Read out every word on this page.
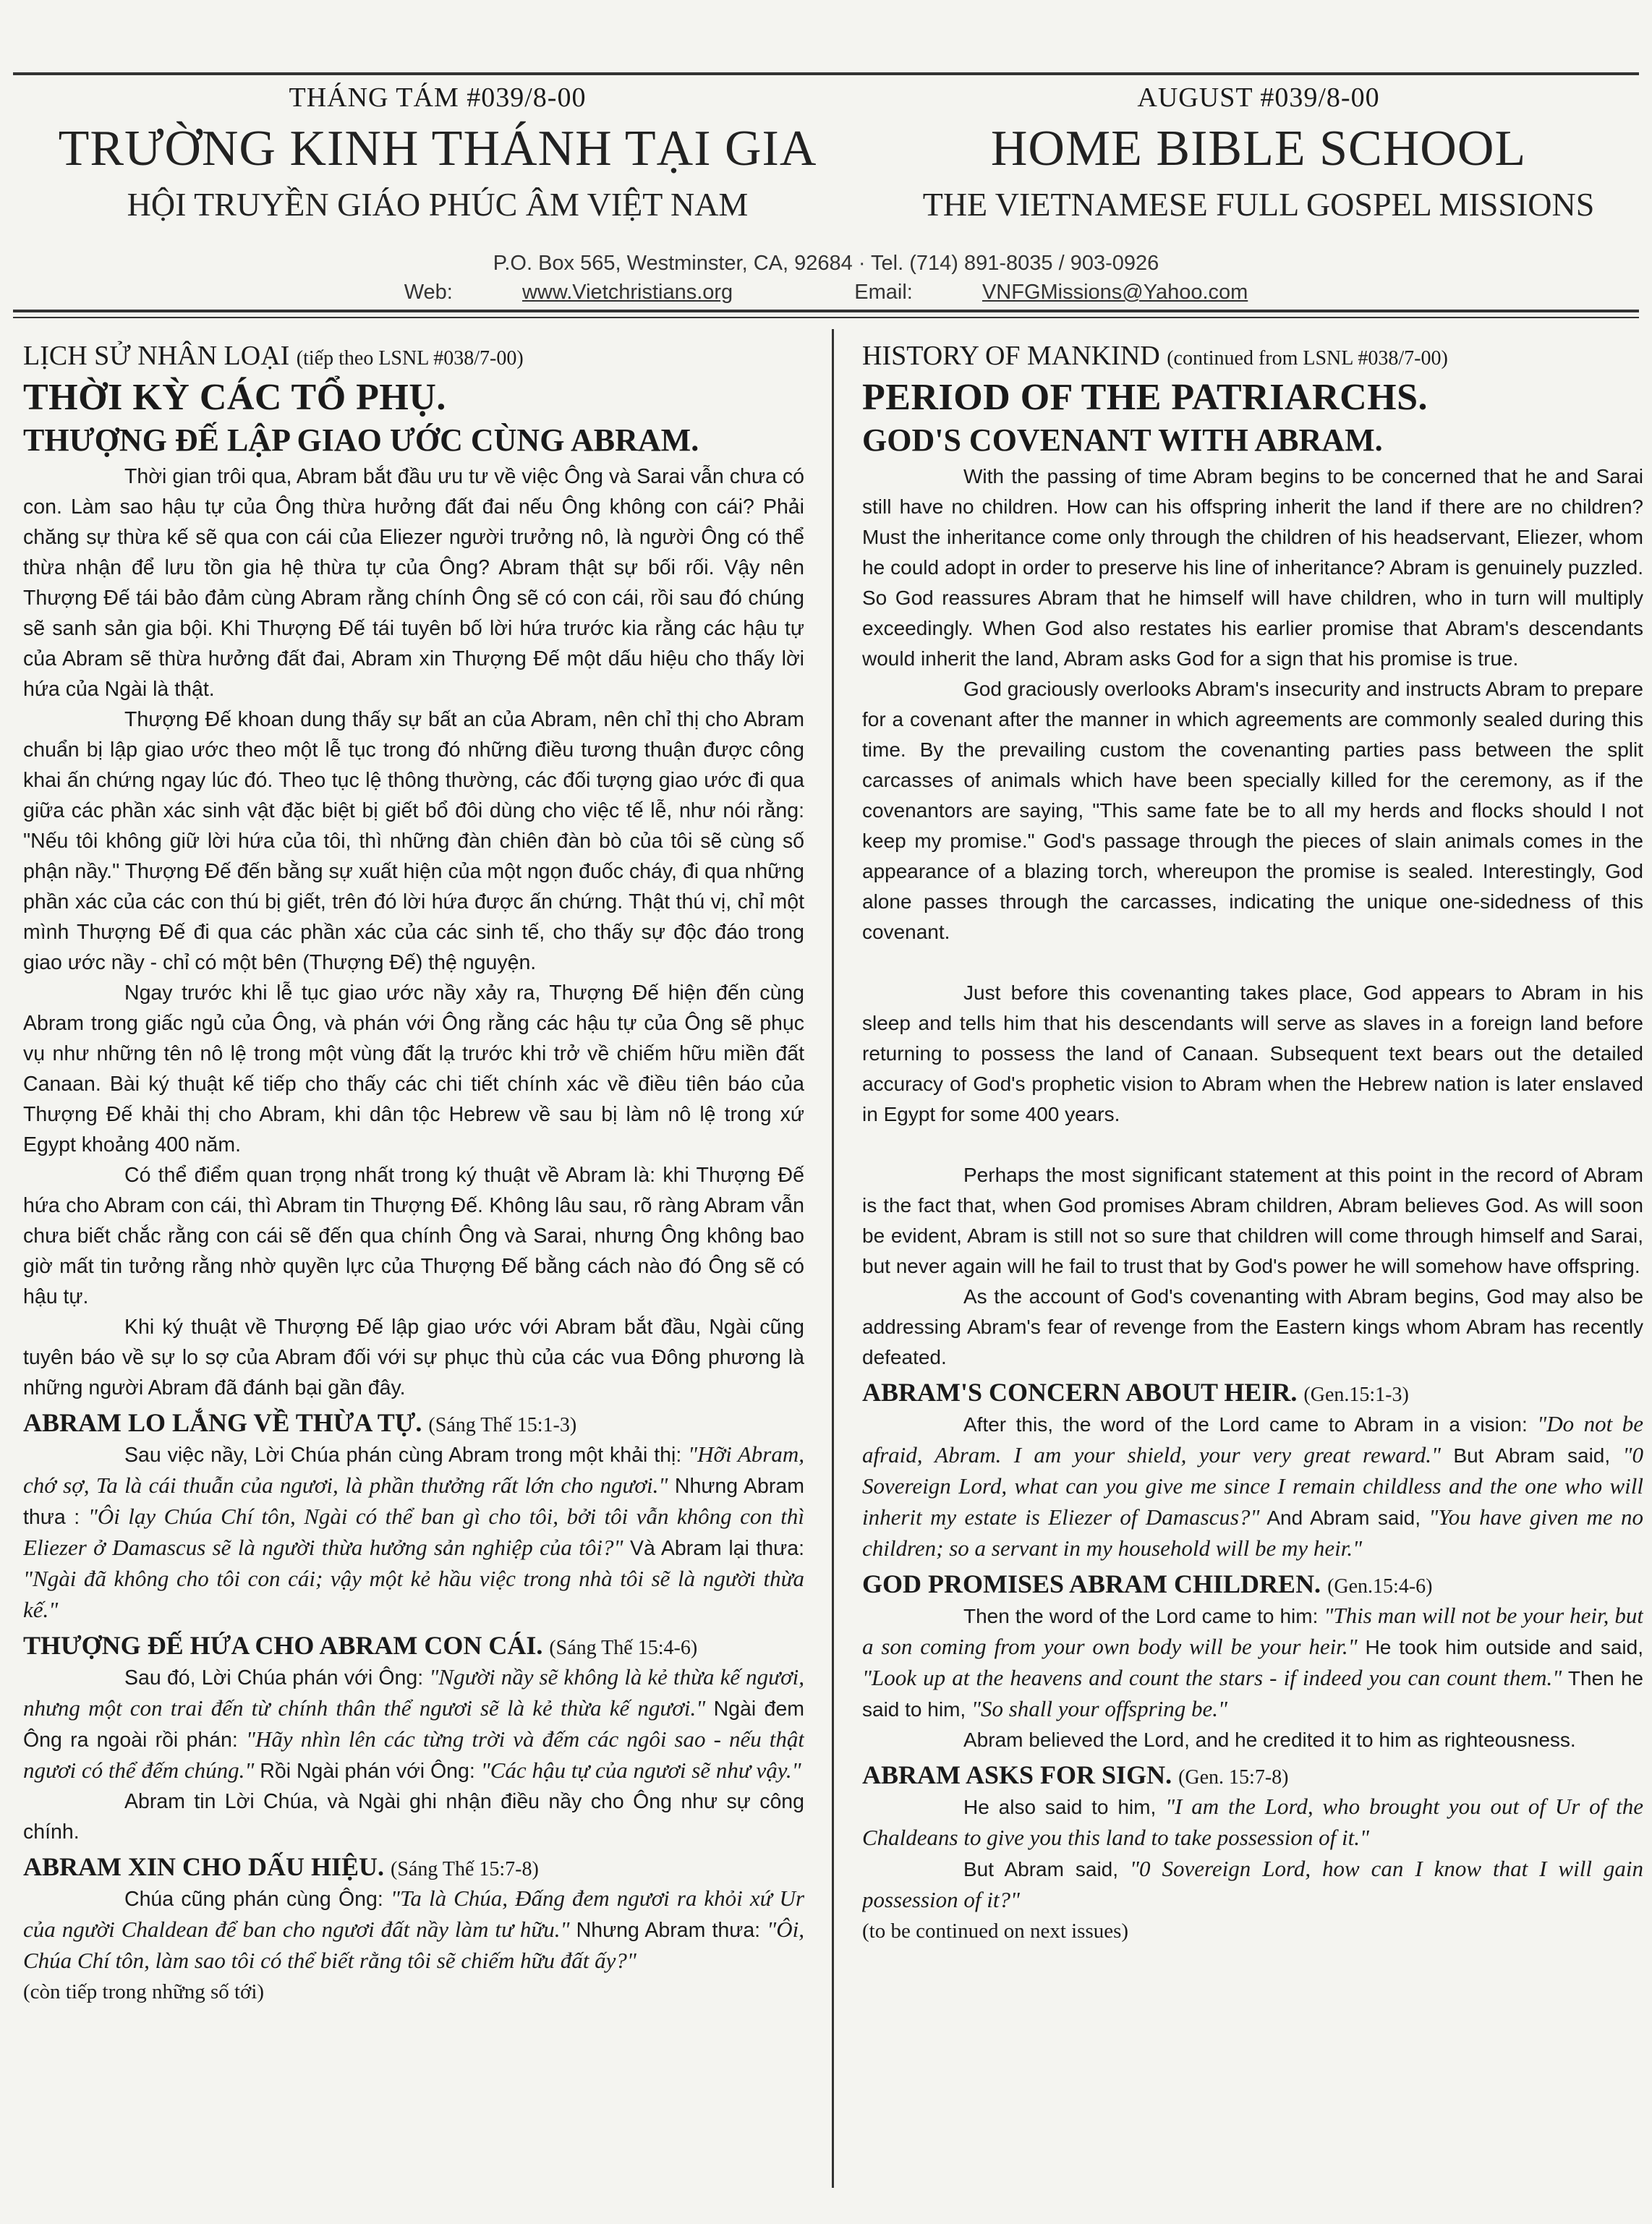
THÁNG TÁM #039/8-00
TRƯỜNG KINH THÁNH TẠI GIA
HỘI TRUYỀN GIÁO PHÚC ÂM VIỆT NAM
AUGUST #039/8-00
HOME BIBLE SCHOOL
THE VIETNAMESE FULL GOSPEL MISSIONS
P.O. Box 565, Westminster, CA, 92684 · Tel. (714) 891-8035 / 903-0926
Web:	www.Vietchristians.org	Email:	VNFGMissions@Yahoo.com
LỊCH SỬ NHÂN LOẠI (tiếp theo LSNL #038/7-00)
THỜI KỲ CÁC TỔ PHỤ.
THƯỢNG ĐẾ LẬP GIAO ƯỚC CÙNG ABRAM.

Thời gian trôi qua, Abram bắt đầu ưu tư về việc Ông và Sarai vẫn chưa có con. Làm sao hậu tự của Ông thừa hưởng đất đai nếu Ông không con cái? Phải chăng sự thừa kế sẽ qua con cái của Eliezer người trưởng nô, là người Ông có thể thừa nhận để lưu tồn gia hệ thừa tự của Ông? Abram thật sự bối rối. Vậy nên Thượng Đế tái bảo đảm cùng Abram rằng chính Ông sẽ có con cái, rồi sau đó chúng sẽ sanh sản gia bội. Khi Thượng Đế tái tuyên bố lời hứa trước kia rằng các hậu tự của Abram sẽ thừa hưởng đất đai, Abram xin Thượng Đế một dấu hiệu cho thấy lời hứa của Ngài là thật.

Thượng Đế khoan dung thấy sự bất an của Abram, nên chỉ thị cho Abram chuẩn bị lập giao ước theo một lễ tục trong đó những điều tương thuận được công khai ấn chứng ngay lúc đó. Theo tục lệ thông thường, các đối tượng giao ước đi qua giữa các phần xác sinh vật đặc biệt bị giết bổ đôi dùng cho việc tế lễ, như nói rằng: "Nếu tôi không giữ lời hứa của tôi, thì những đàn chiên đàn bò của tôi sẽ cùng số phận nầy." Thượng Đế đến bằng sự xuất hiện của một ngọn đuốc cháy, đi qua những phần xác của các con thú bị giết, trên đó lời hứa được ấn chứng. Thật thú vị, chỉ một mình Thượng Đế đi qua các phần xác của các sinh tế, cho thấy sự độc đáo trong giao ước nầy - chỉ có một bên (Thượng Đế) thệ nguyện.

Ngay trước khi lễ tục giao ước nầy xảy ra, Thượng Đế hiện đến cùng Abram trong giấc ngủ của Ông, và phán với Ông rằng các hậu tự của Ông sẽ phục vụ như những tên nô lệ trong một vùng đất lạ trước khi trở về chiếm hữu miền đất Canaan. Bài ký thuật kế tiếp cho thấy các chi tiết chính xác về điều tiên báo của Thượng Đế khải thị cho Abram, khi dân tộc Hebrew về sau bị làm nô lệ trong xứ Egypt khoảng 400 năm.

Có thể điểm quan trọng nhất trong ký thuật về Abram là: khi Thượng Đế hứa cho Abram con cái, thì Abram tin Thượng Đế. Không lâu sau, rõ ràng Abram vẫn chưa biết chắc rằng con cái sẽ đến qua chính Ông và Sarai, nhưng Ông không bao giờ mất tin tưởng rằng nhờ quyền lực của Thượng Đế bằng cách nào đó Ông sẽ có hậu tự.

Khi ký thuật về Thượng Đế lập giao ước với Abram bắt đầu, Ngài cũng tuyên báo về sự lo sợ của Abram đối với sự phục thù của các vua Đông phương là những người Abram đã đánh bại gần đây.

ABRAM LO LẮNG VỀ THỪA TỰ. (Sáng Thế 15:1-3)

Sau việc nầy, Lời Chúa phán cùng Abram trong một khải thị: "Hỡi Abram, chớ sợ, Ta là cái thuẫn của ngươi, là phần thưởng rất lớn cho ngươi." Nhưng Abram thưa : "Ôi lạy Chúa Chí tôn, Ngài có thể ban gì cho tôi, bởi tôi vẫn không con thì Eliezer ở Damascus sẽ là người thừa hưởng sản nghiệp của tôi?" Và Abram lại thưa: "Ngài đã không cho tôi con cái; vậy một kẻ hầu việc trong nhà tôi sẽ là người thừa kế."

THƯỢNG ĐẾ HỨA CHO ABRAM CON CÁI. (Sáng Thế 15:4-6)

Sau đó, Lời Chúa phán với Ông: "Người nầy sẽ không là kẻ thừa kế ngươi, nhưng một con trai đến từ chính thân thể ngươi sẽ là kẻ thừa kế ngươi." Ngài đem Ông ra ngoài rồi phán: "Hãy nhìn lên các từng trời và đếm các ngôi sao - nếu thật ngươi có thể đếm chúng." Rồi Ngài phán với Ông: "Các hậu tự của ngươi sẽ như vậy."

Abram tin Lời Chúa, và Ngài ghi nhận điều nầy cho Ông như sự công chính.

ABRAM XIN CHO DẤU HIỆU. (Sáng Thế 15:7-8)

Chúa cũng phán cùng Ông: "Ta là Chúa, Đấng đem ngươi ra khỏi xứ Ur của người Chaldean để ban cho ngươi đất nầy làm tư hữu." Nhưng Abram thưa: "Ôi, Chúa Chí tôn, làm sao tôi có thể biết rằng tôi sẽ chiếm hữu đất ấy?"

(còn tiếp trong những số tới)
HISTORY OF MANKIND (continued from LSNL #038/7-00)
PERIOD OF THE PATRIARCHS.
GOD'S COVENANT WITH ABRAM.

With the passing of time Abram begins to be concerned that he and Sarai still have no children. How can his offspring inherit the land if there are no children? Must the inheritance come only through the children of his headservant, Eliezer, whom he could adopt in order to preserve his line of inheritance? Abram is genuinely puzzled. So God reassures Abram that he himself will have children, who in turn will multiply exceedingly. When God also restates his earlier promise that Abram's descendants would inherit the land, Abram asks God for a sign that his promise is true.

God graciously overlooks Abram's insecurity and instructs Abram to prepare for a covenant after the manner in which agreements are commonly sealed during this time. By the prevailing custom the covenanting parties pass between the split carcasses of animals which have been specially killed for the ceremony, as if the covenantors are saying, "This same fate be to all my herds and flocks should I not keep my promise." God's passage through the pieces of slain animals comes in the appearance of a blazing torch, whereupon the promise is sealed. Interestingly, God alone passes through the carcasses, indicating the unique one-sidedness of this covenant.

Just before this covenanting takes place, God appears to Abram in his sleep and tells him that his descendants will serve as slaves in a foreign land before returning to possess the land of Canaan. Subsequent text bears out the detailed accuracy of God's prophetic vision to Abram when the Hebrew nation is later enslaved in Egypt for some 400 years.

Perhaps the most significant statement at this point in the record of Abram is the fact that, when God promises Abram children, Abram believes God. As will soon be evident, Abram is still not so sure that children will come through himself and Sarai, but never again will he fail to trust that by God's power he will somehow have offspring.

As the account of God's covenanting with Abram begins, God may also be addressing Abram's fear of revenge from the Eastern kings whom Abram has recently defeated.

ABRAM'S CONCERN ABOUT HEIR. (Gen.15:1-3)

After this, the word of the Lord came to Abram in a vision: "Do not be afraid, Abram. I am your shield, your very great reward." But Abram said, "0 Sovereign Lord, what can you give me since I remain childless and the one who will inherit my estate is Eliezer of Damascus?" And Abram said, "You have given me no children; so a servant in my household will be my heir."

GOD PROMISES ABRAM CHILDREN. (Gen.15:4-6)

Then the word of the Lord came to him: "This man will not be your heir, but a son coming from your own body will be your heir." He took him outside and said, "Look up at the heavens and count the stars - if indeed you can count them." Then he said to him, "So shall your offspring be."

Abram believed the Lord, and he credited it to him as righteousness.

ABRAM ASKS FOR SIGN. (Gen. 15:7-8)

He also said to him, "I am the Lord, who brought you out of Ur of the Chaldeans to give you this land to take possession of it."

But Abram said, "0 Sovereign Lord, how can I know that I will gain possession of it?"

(to be continued on next issues)
